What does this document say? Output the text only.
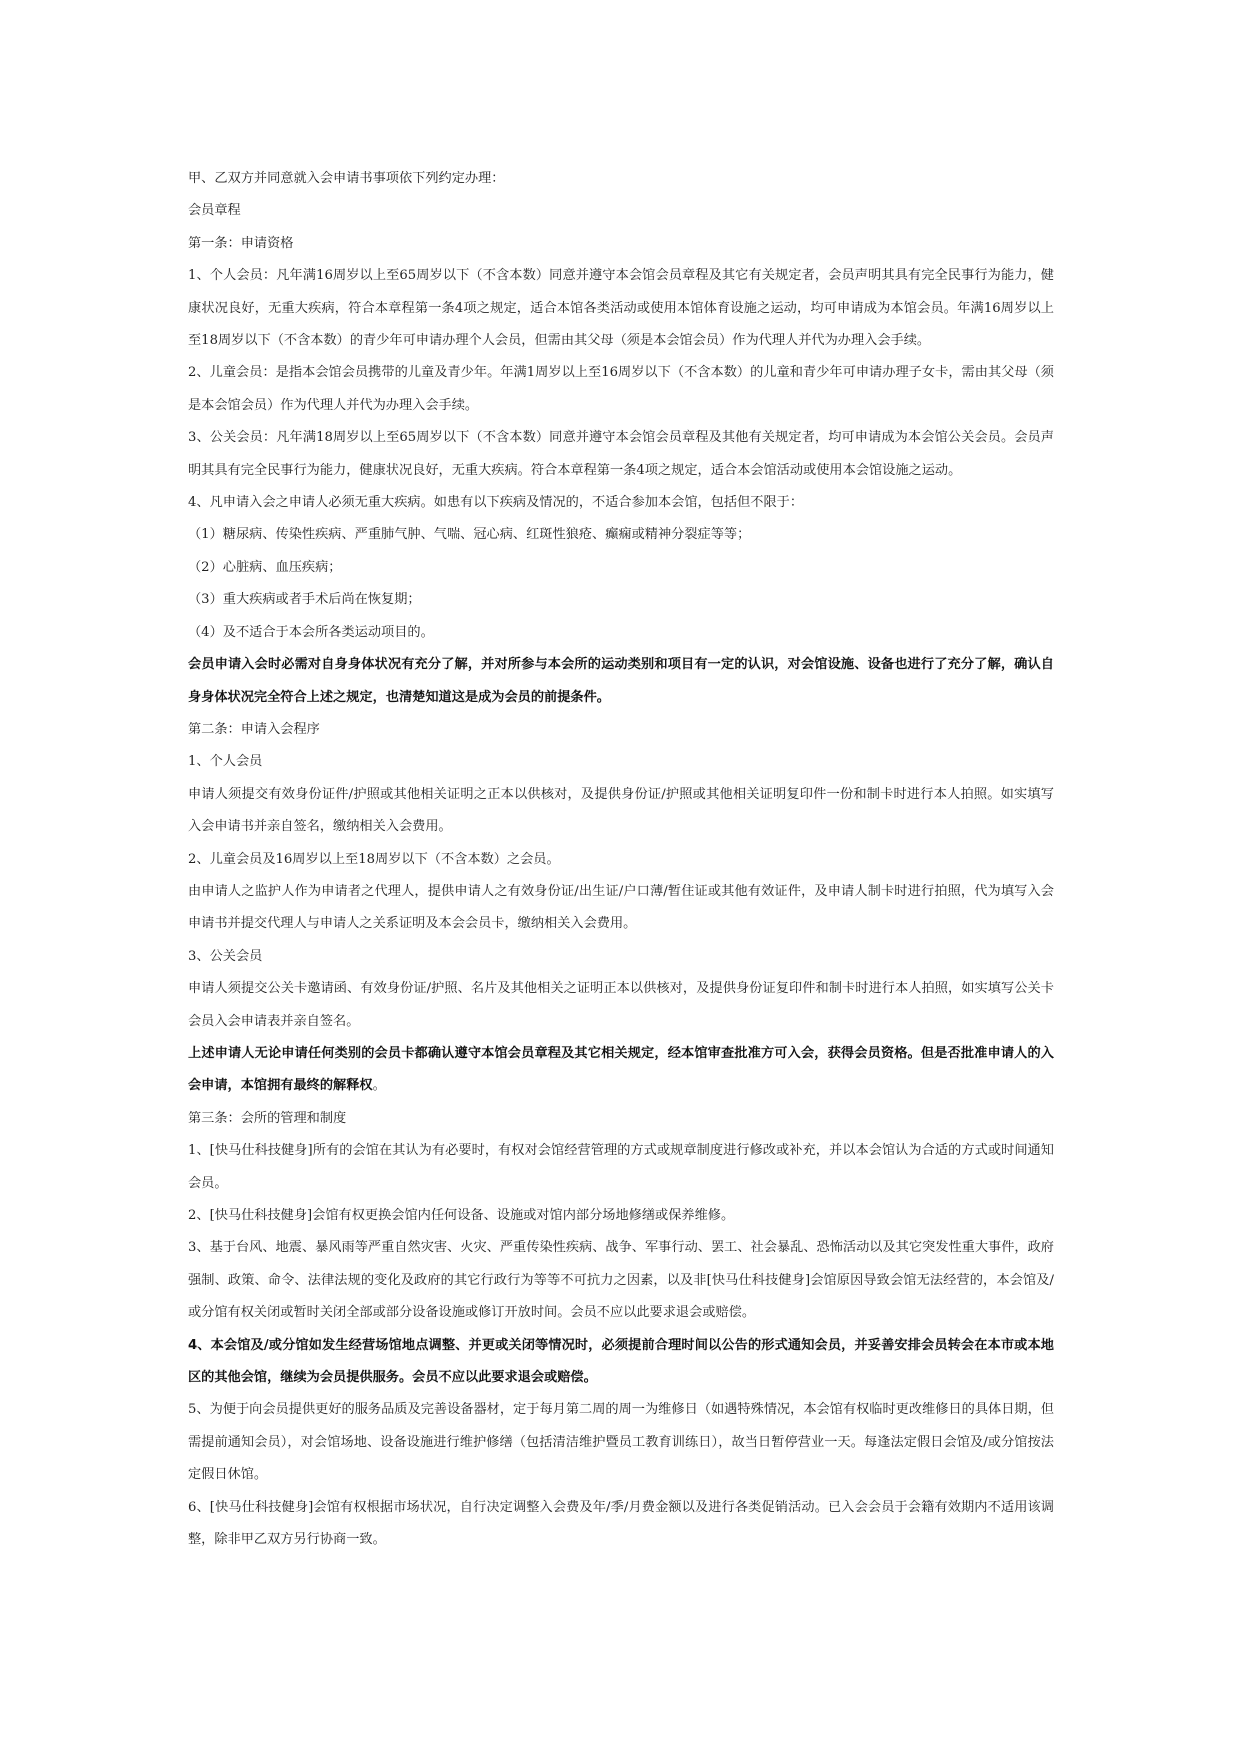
甲、乙双方并同意就入会申请书事项依下列约定办理：

会员章程

第一条：申请资格

1、个人会员：凡年满16周岁以上至65周岁以下（不含本数）同意并遵守本会馆会员章程及其它有关规定者，会员声明其具有完全民事行为能力，健康状况良好，无重大疾病，符合本章程第一条4项之规定，适合本馆各类活动或使用本馆体育设施之运动，均可申请成为本馆会员。年满16周岁以上至18周岁以下（不含本数）的青少年可申请办理个人会员，但需由其父母（须是本会馆会员）作为代理人并代为办理入会手续。

2、儿童会员：是指本会馆会员携带的儿童及青少年。年满1周岁以上至16周岁以下（不含本数）的儿童和青少年可申请办理子女卡，需由其父母（须是本会馆会员）作为代理人并代为办理入会手续。

3、公关会员：凡年满18周岁以上至65周岁以下（不含本数）同意并遵守本会馆会员章程及其他有关规定者，均可申请成为本会馆公关会员。会员声明其具有完全民事行为能力，健康状况良好，无重大疾病。符合本章程第一条4项之规定，适合本会馆活动或使用本会馆设施之运动。

4、凡申请入会之申请人必须无重大疾病。如患有以下疾病及情况的，不适合参加本会馆，包括但不限于：

（1）糖尿病、传染性疾病、严重肺气肿、气喘、冠心病、红斑性狼疮、癫痫或精神分裂症等等；

（2）心脏病、血压疾病；

（3）重大疾病或者手术后尚在恢复期；

（4）及不适合于本会所各类运动项目的。

会员申请入会时必需对自身身体状况有充分了解，并对所参与本会所的运动类别和项目有一定的认识，对会馆设施、设备也进行了充分了解，确认自身身体状况完全符合上述之规定，也清楚知道这是成为会员的前提条件。

第二条：申请入会程序

1、个人会员

申请人须提交有效身份证件/护照或其他相关证明之正本以供核对，及提供身份证/护照或其他相关证明复印件一份和制卡时进行本人拍照。如实填写入会申请书并亲自签名，缴纳相关入会费用。

2、儿童会员及16周岁以上至18周岁以下（不含本数）之会员。

由申请人之监护人作为申请者之代理人，提供申请人之有效身份证/出生证/户口薄/暂住证或其他有效证件，及申请人制卡时进行拍照，代为填写入会申请书并提交代理人与申请人之关系证明及本会会员卡，缴纳相关入会费用。

3、公关会员

申请人须提交公关卡邀请函、有效身份证/护照、名片及其他相关之证明正本以供核对，及提供身份证复印件和制卡时进行本人拍照，如实填写公关卡会员入会申请表并亲自签名。

上述申请人无论申请任何类别的会员卡都确认遵守本馆会员章程及其它相关规定，经本馆审查批准方可入会，获得会员资格。但是否批准申请人的入会申请，本馆拥有最终的解释权。

第三条：会所的管理和制度

1、[快马仕科技健身]所有的会馆在其认为有必要时，有权对会馆经营管理的方式或规章制度进行修改或补充，并以本会馆认为合适的方式或时间通知会员。

2、[快马仕科技健身]会馆有权更换会馆内任何设备、设施或对馆内部分场地修缮或保养维修。

3、基于台风、地震、暴风雨等严重自然灾害、火灾、严重传染性疾病、战争、军事行动、罢工、社会暴乱、恐怖活动以及其它突发性重大事件，政府强制、政策、命令、法律法规的变化及政府的其它行政行为等等不可抗力之因素，以及非[快马仕科技健身]会馆原因导致会馆无法经营的，本会馆及/或分馆有权关闭或暂时关闭全部或部分设备设施或修订开放时间。会员不应以此要求退会或赔偿。

4、本会馆及/或分馆如发生经营场馆地点调整、并更或关闭等情况时，必须提前合理时间以公告的形式通知会员，并妥善安排会员转会在本市或本地区的其他会馆，继续为会员提供服务。会员不应以此要求退会或赔偿。

5、为便于向会员提供更好的服务品质及完善设备器材，定于每月第二周的周一为维修日（如遇特殊情况，本会馆有权临时更改维修日的具体日期，但需提前通知会员），对会馆场地、设备设施进行维护修缮（包括清洁维护暨员工教育训练日），故当日暂停营业一天。每逢法定假日会馆及/或分馆按法定假日休馆。

6、[快马仕科技健身]会馆有权根据市场状况，自行决定调整入会费及年/季/月费金额以及进行各类促销活动。已入会会员于会籍有效期内不适用该调整，除非甲乙双方另行协商一致。
